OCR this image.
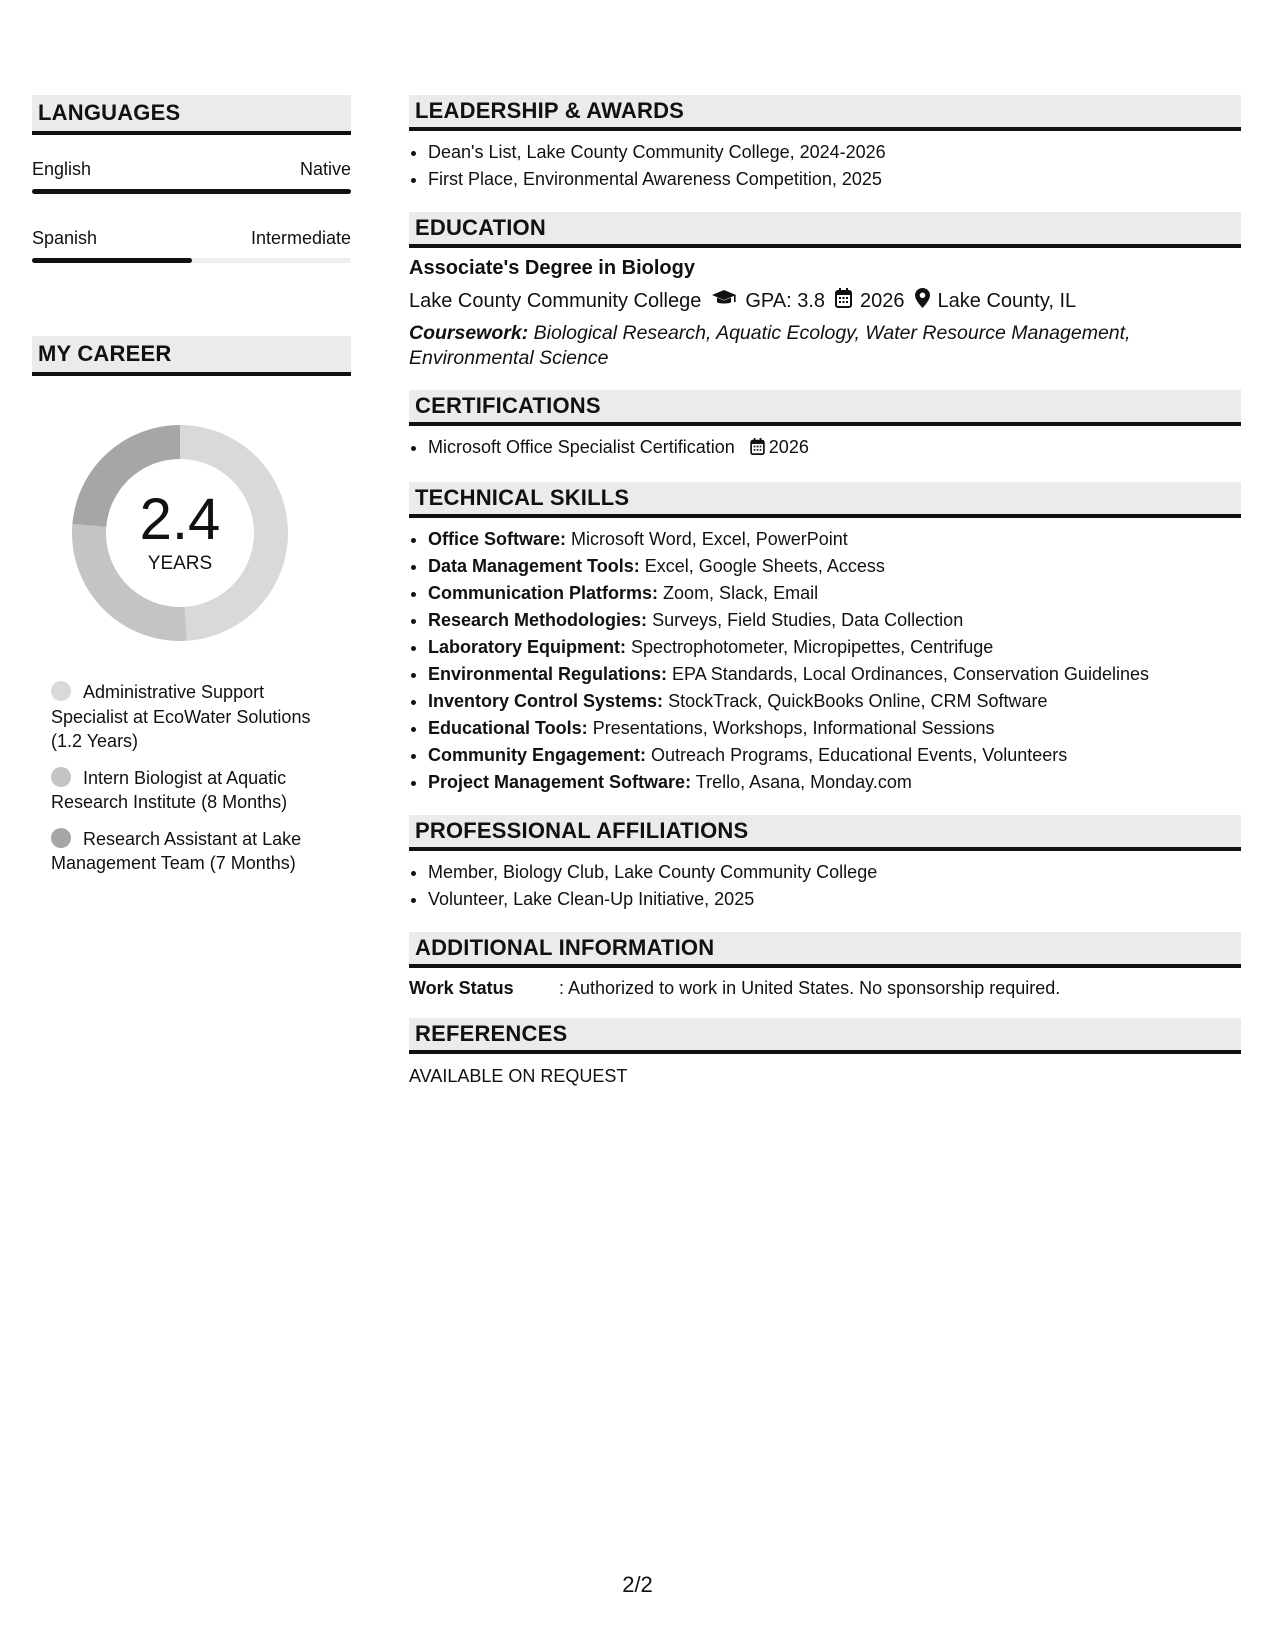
LANGUAGES
English	Native
Spanish	Intermediate
MY CAREER
2.4
YEARS
Administrative Support Specialist at EcoWater Solutions (1.2 Years)
Intern Biologist at Aquatic Research Institute (8 Months)
Research Assistant at Lake Management Team (7 Months)
LEADERSHIP & AWARDS
• Dean's List, Lake County Community College, 2024-2026
• First Place, Environmental Awareness Competition, 2025
EDUCATION
Associate's Degree in Biology
Lake County Community College GPA: 3.8 2026 Lake County, IL
Coursework: Biological Research, Aquatic Ecology, Water Resource Management, Environmental Science
CERTIFICATIONS
• Microsoft Office Specialist Certification 2026
TECHNICAL SKILLS
• Office Software: Microsoft Word, Excel, PowerPoint
• Data Management Tools: Excel, Google Sheets, Access
• Communication Platforms: Zoom, Slack, Email
• Research Methodologies: Surveys, Field Studies, Data Collection
• Laboratory Equipment: Spectrophotometer, Micropipettes, Centrifuge
• Environmental Regulations: EPA Standards, Local Ordinances, Conservation Guidelines
• Inventory Control Systems: StockTrack, QuickBooks Online, CRM Software
• Educational Tools: Presentations, Workshops, Informational Sessions
• Community Engagement: Outreach Programs, Educational Events, Volunteers
• Project Management Software: Trello, Asana, Monday.com
PROFESSIONAL AFFILIATIONS
• Member, Biology Club, Lake County Community College
• Volunteer, Lake Clean-Up Initiative, 2025
ADDITIONAL INFORMATION
Work Status	: Authorized to work in United States. No sponsorship required.
REFERENCES
AVAILABLE ON REQUEST
2/2
